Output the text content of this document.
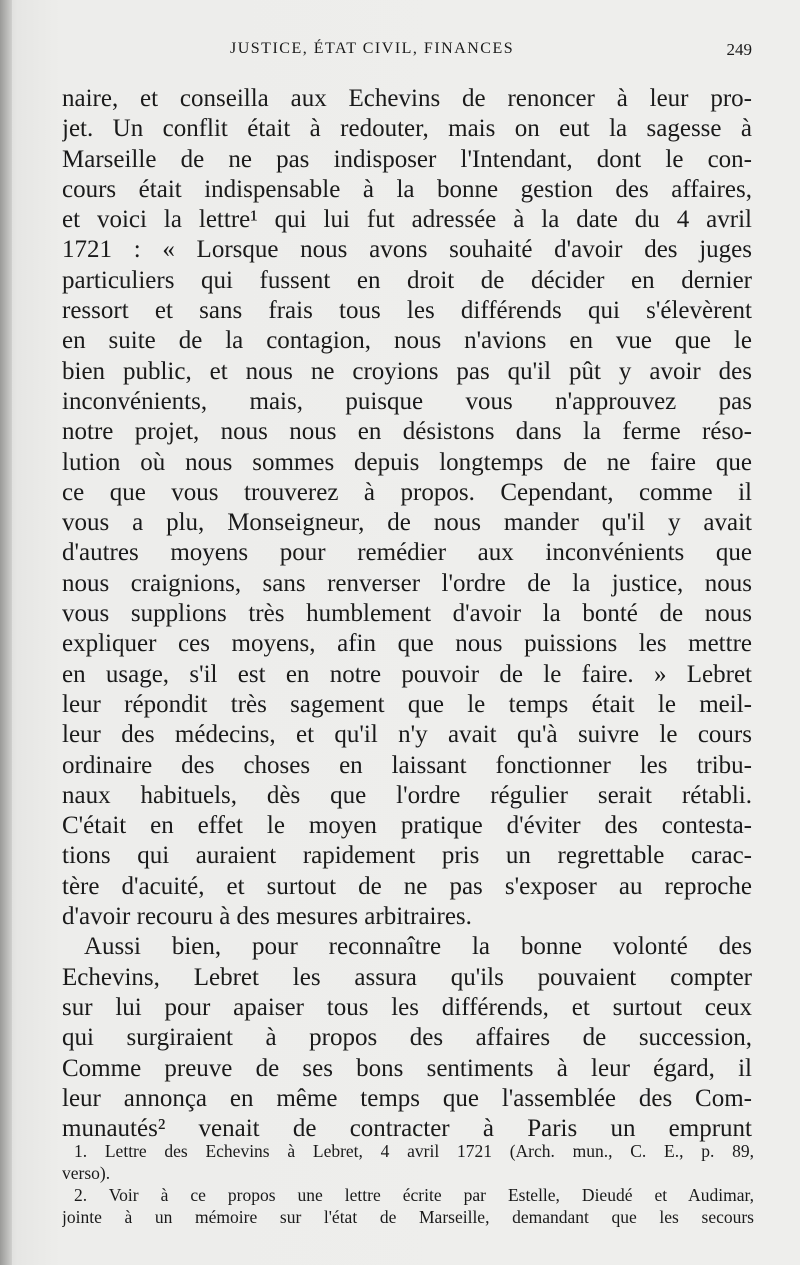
JUSTICE, ÉTAT CIVIL, FINANCES	249
naire, et conseilla aux Echevins de renoncer à leur pro-
jet. Un conflit était à redouter, mais on eut la sagesse à
Marseille de ne pas indisposer l'Intendant, dont le con-
cours était indispensable à la bonne gestion des affaires,
et voici la lettre¹ qui lui fut adressée à la date du 4 avril
1721 : « Lorsque nous avons souhaité d'avoir des juges
particuliers qui fussent en droit de décider en dernier
ressort et sans frais tous les différends qui s'élevèrent
en suite de la contagion, nous n'avions en vue que le
bien public, et nous ne croyions pas qu'il pût y avoir des
inconvénients, mais, puisque vous n'approuvez pas
notre projet, nous nous en désistons dans la ferme réso-
lution où nous sommes depuis longtemps de ne faire que
ce que vous trouverez à propos. Cependant, comme il
vous a plu, Monseigneur, de nous mander qu'il y avait
d'autres moyens pour remédier aux inconvénients que
nous craignions, sans renverser l'ordre de la justice, nous
vous supplions très humblement d'avoir la bonté de nous
expliquer ces moyens, afin que nous puissions les mettre
en usage, s'il est en notre pouvoir de le faire. » Lebret
leur répondit très sagement que le temps était le meil-
leur des médecins, et qu'il n'y avait qu'à suivre le cours
ordinaire des choses en laissant fonctionner les tribu-
naux habituels, dès que l'ordre régulier serait rétabli.
C'était en effet le moyen pratique d'éviter des contesta-
tions qui auraient rapidement pris un regrettable carac-
tère d'acuité, et surtout de ne pas s'exposer au reproche
d'avoir recouru à des mesures arbitraires.
Aussi bien, pour reconnaître la bonne volonté des
Echevins, Lebret les assura qu'ils pouvaient compter
sur lui pour apaiser tous les différends, et surtout ceux
qui surgiraient à propos des affaires de succession,
Comme preuve de ses bons sentiments à leur égard, il
leur annonça en même temps que l'assemblée des Com-
munautés² venait de contracter à Paris un emprunt
1. Lettre des Echevins à Lebret, 4 avril 1721 (Arch. mun., C. E., p. 89,
verso).
2. Voir à ce propos une lettre écrite par Estelle, Dieudé et Audimar,
jointe à un mémoire sur l'état de Marseille, demandant que les secours
